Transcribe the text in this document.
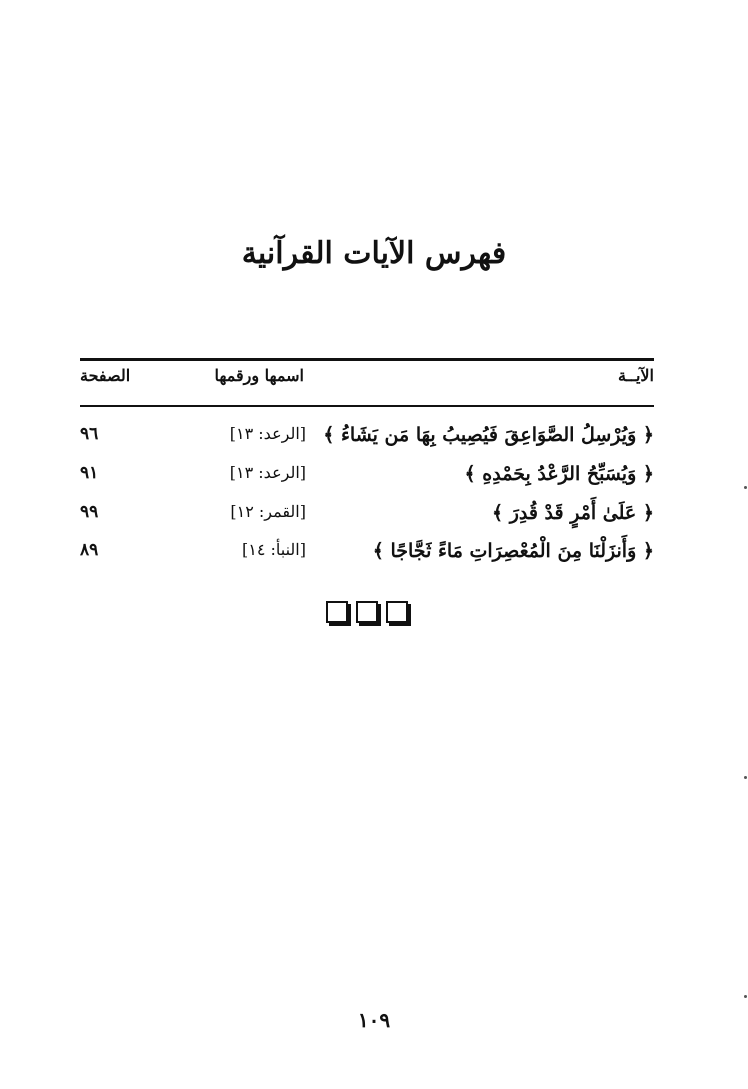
فهرس الآيات القرآنية
الآيــة
اسمها ورقمها
الصفحة
﴿ وَيُرْسِلُ الصَّوَاعِقَ فَيُصِيبُ بِهَا مَن يَشَاءُ ﴾
[الرعد: ١٣]
٩٦
﴿ وَيُسَبِّحُ الرَّعْدُ بِحَمْدِهِ ﴾
[الرعد: ١٣]
٩١
﴿ عَلَىٰ أَمْرٍ قَدْ قُدِرَ ﴾
[القمر: ١٢]
٩٩
﴿ وَأَنزَلْنَا مِنَ الْمُعْصِرَاتِ مَاءً ثَجَّاجًا ﴾
[النبأ: ١٤]
٨٩
١٠٩
